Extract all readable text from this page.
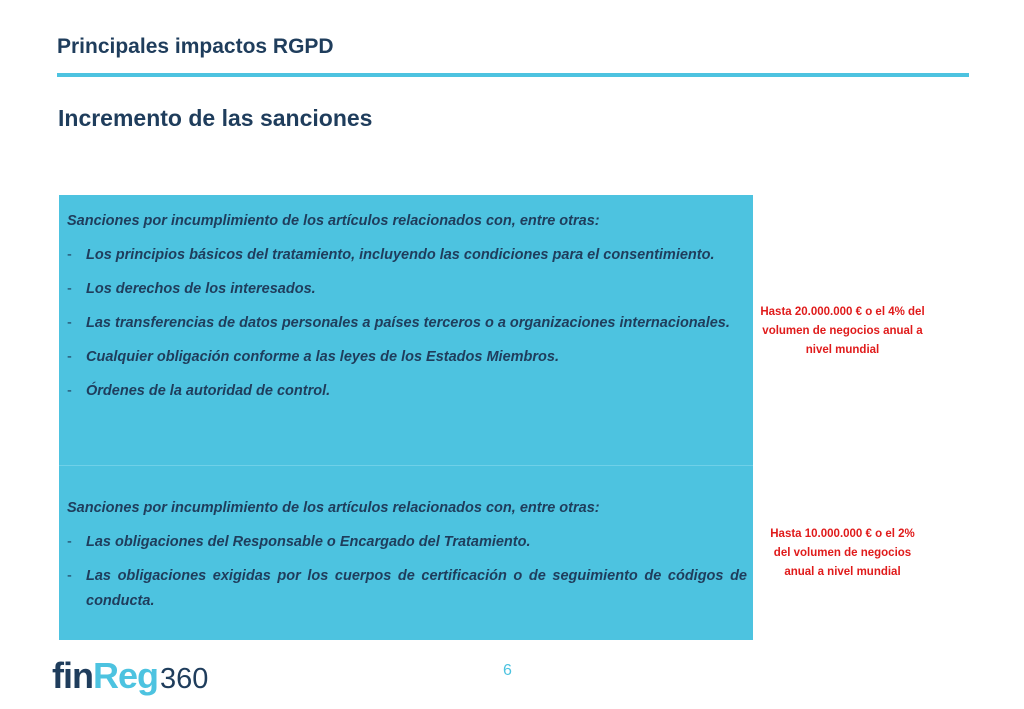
Principales impactos RGPD
Incremento de las sanciones

Sanciones por incumplimiento de los artículos relacionados con, entre otras:

- Los principios básicos del tratamiento, incluyendo las condiciones para el consentimiento.
- Los derechos de los interesados.
- Las transferencias de datos personales a países terceros o a organizaciones internacionales.
- Cualquier obligación conforme a las leyes de los Estados Miembros.
- Órdenes de la autoridad de control.

Sanciones por incumplimiento de los artículos relacionados con, entre otras:

- Las obligaciones del Responsable o Encargado del Tratamiento.
- Las obligaciones exigidas por los cuerpos de certificación o de seguimiento de códigos de conducta.
Hasta 20.000.000 € o el 4% del volumen de negocios anual a nivel mundial
Hasta 10.000.000 € o el 2% del volumen de negocios anual a nivel mundial
fin Reg 360	6
